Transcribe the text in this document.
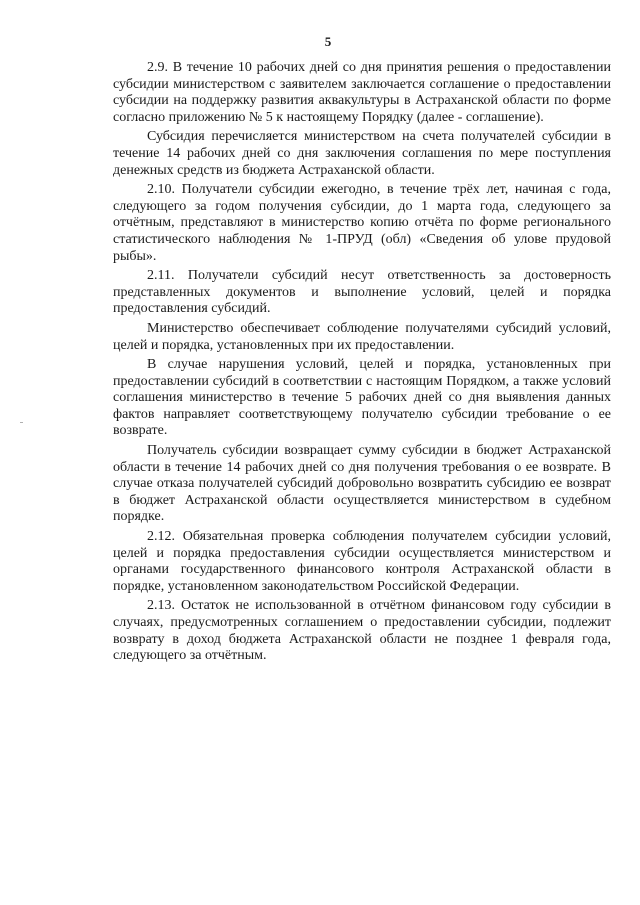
5

2.9. В течение 10 рабочих дней со дня принятия решения о предоставлении субсидии министерством с заявителем заключается соглашение о предоставлении субсидии на поддержку развития аквакультуры в Астраханской области по форме согласно приложению № 5 к настоящему Порядку (далее - соглашение).

Субсидия перечисляется министерством на счета получателей субсидии в течение 14 рабочих дней со дня заключения соглашения по мере поступления денежных средств из бюджета Астраханской области.

2.10. Получатели субсидии ежегодно, в течение трёх лет, начиная с года, следующего за годом получения субсидии, до 1 марта года, следующего за отчётным, представляют в министерство копию отчёта по форме регионального статистического наблюдения № 1-ПРУД (обл) «Сведения об улове прудовой рыбы».

2.11. Получатели субсидий несут ответственность за достоверность представленных документов и выполнение условий, целей и порядка предоставления субсидий.

Министерство обеспечивает соблюдение получателями субсидий условий, целей и порядка, установленных при их предоставлении.

В случае нарушения условий, целей и порядка, установленных при предоставлении субсидий в соответствии с настоящим Порядком, а также условий соглашения министерство в течение 5 рабочих дней со дня выявления данных фактов направляет соответствующему получателю субсидии требование о ее возврате.

Получатель субсидии возвращает сумму субсидии в бюджет Астраханской области в течение 14 рабочих дней со дня получения требования о ее возврате. В случае отказа получателей субсидий добровольно возвратить субсидию ее возврат в бюджет Астраханской области осуществляется министерством в судебном порядке.

2.12. Обязательная проверка соблюдения получателем субсидии условий, целей и порядка предоставления субсидии осуществляется министерством и органами государственного финансового контроля Астраханской области в порядке, установленном законодательством Российской Федерации.

2.13. Остаток не использованной в отчётном финансовом году субсидии в случаях, предусмотренных соглашением о предоставлении субсидии, подлежит возврату в доход бюджета Астраханской области не позднее 1 февраля года, следующего за отчётным.
